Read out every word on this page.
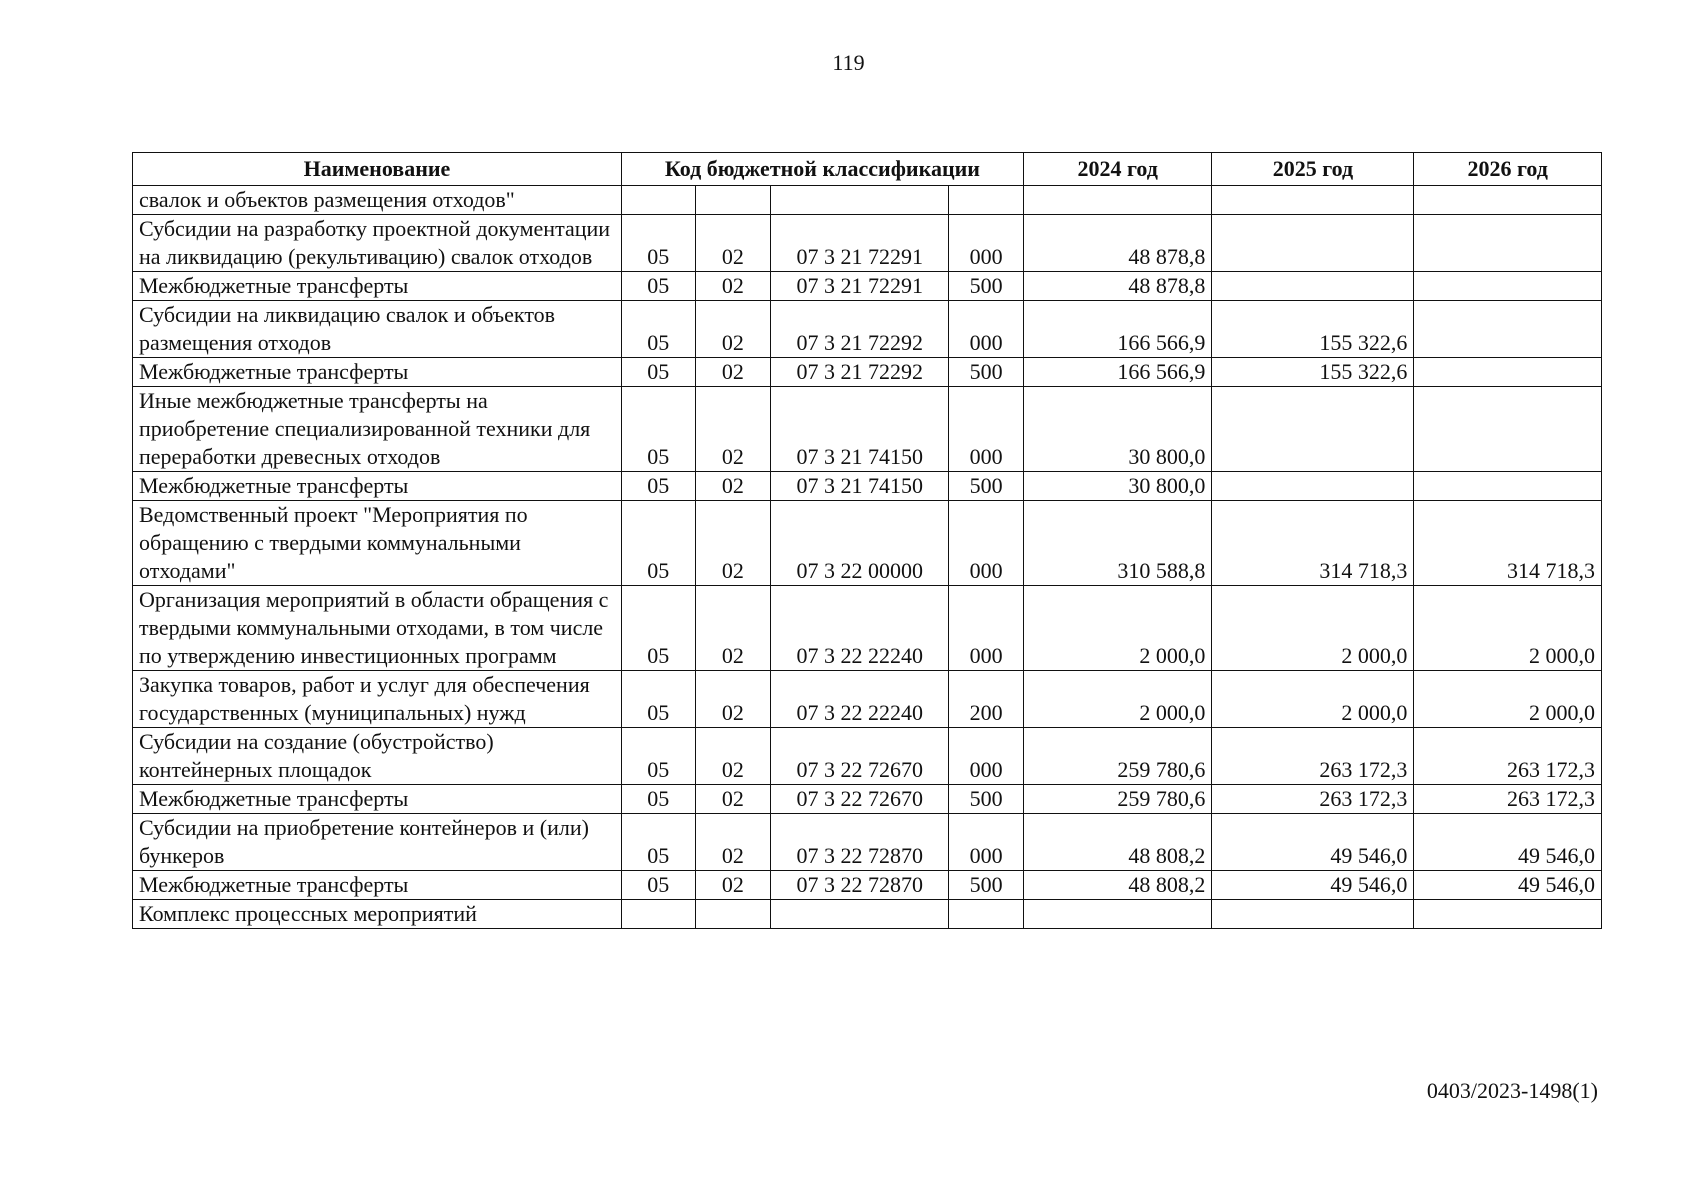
119
Наименование	Код бюджетной классификации				2024 год	2025 год	2026 год
свалок и объектов размещения отходов"							
Субсидии на разработку проектной документации на ликвидацию (рекультивацию) свалок отходов	05	02	07 3 21 72291	000	48 878,8		
Межбюджетные трансферты	05	02	07 3 21 72291	500	48 878,8		
Субсидии на ликвидацию свалок и объектов размещения отходов	05	02	07 3 21 72292	000	166 566,9	155 322,6	
Межбюджетные трансферты	05	02	07 3 21 72292	500	166 566,9	155 322,6	
Иные межбюджетные трансферты на приобретение специализированной техники для переработки древесных отходов	05	02	07 3 21 74150	000	30 800,0		
Межбюджетные трансферты	05	02	07 3 21 74150	500	30 800,0		
Ведомственный проект "Мероприятия по обращению с твердыми коммунальными отходами"	05	02	07 3 22 00000	000	310 588,8	314 718,3	314 718,3
Организация мероприятий в области обращения с твердыми коммунальными отходами, в том числе по утверждению инвестиционных программ	05	02	07 3 22 22240	000	2 000,0	2 000,0	2 000,0
Закупка товаров, работ и услуг для обеспечения государственных (муниципальных) нужд	05	02	07 3 22 22240	200	2 000,0	2 000,0	2 000,0
Субсидии на создание (обустройство) контейнерных площадок	05	02	07 3 22 72670	000	259 780,6	263 172,3	263 172,3
Межбюджетные трансферты	05	02	07 3 22 72670	500	259 780,6	263 172,3	263 172,3
Субсидии на приобретение контейнеров и (или) бункеров	05	02	07 3 22 72870	000	48 808,2	49 546,0	49 546,0
Межбюджетные трансферты	05	02	07 3 22 72870	500	48 808,2	49 546,0	49 546,0
Комплекс процессных мероприятий							
0403/2023-1498(1)
